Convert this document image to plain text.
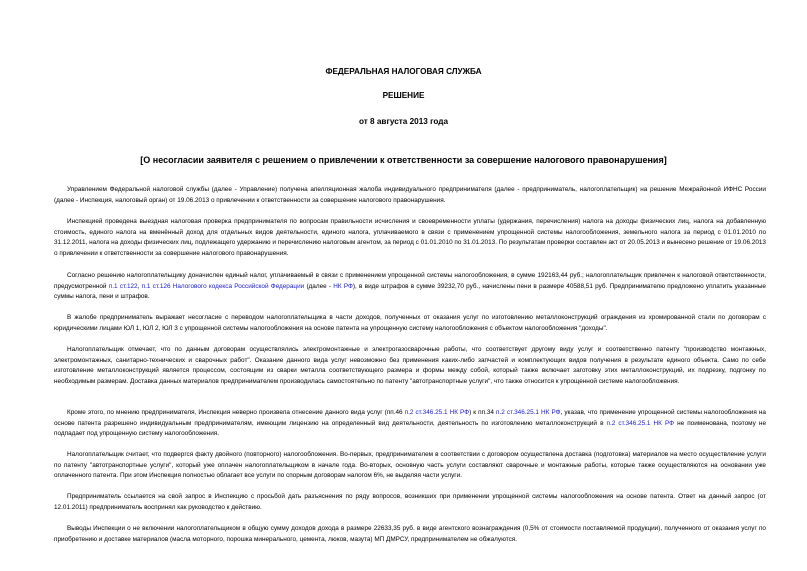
ФЕДЕРАЛЬНАЯ НАЛОГОВАЯ СЛУЖБА
РЕШЕНИЕ
от 8 августа 2013 года
[О несогласии заявителя с решением о привлечении к ответственности за совершение налогового правонарушения]

Управлением Федеральной налоговой службы (далее - Управление) получена апелляционная жалоба индивидуального предпринимателя (далее - предприниматель, налогоплательщик) на решение Межрайонной ИФНС России (далее - Инспекция, налоговый орган) от 19.06.2013 о привлечении к ответственности за совершение налогового правонарушения.

Инспекцией проведена выездная налоговая проверка предпринимателя по вопросам правильности исчисления и своевременности уплаты (удержания, перечисления) налога на доходы физических лиц, налога на добавленную стоимость, единого налога на вменённый доход для отдельных видов деятельности, единого налога, уплачиваемого в связи с применением упрощенной системы налогообложения, земельного налога за период с 01.01.2010 по 31.12.2011, налога на доходы физических лиц, подлежащего удержанию и перечислению налоговым агентом, за период с 01.01.2010 по 31.01.2013. По результатам проверки составлен акт от 20.05.2013 и вынесено решение от 19.06.2013 о привлечении к ответственности за совершение налогового правонарушения.

Согласно решению налогоплательщику доначислен единый налог, уплачиваемый в связи с применением упрощенной системы налогообложения, в сумме 192163,44 руб.; налогоплательщик привлечен к налоговой ответственности, предусмотренной п.1 ст.122, п.1 ст.126 Налогового кодекса Российской Федерации (далее - НК РФ), в виде штрафов в сумме 39232,70 руб., начислены пени в размере 40588,51 руб. Предпринимателю предложено уплатить указанные суммы налога, пени и штрафов.

В жалобе предприниматель выражает несогласие с переводом налогоплательщика в части доходов, полученных от оказания услуг по изготовлению металлоконструкций ограждения из хромированной стали по договорам с юридическими лицами ЮЛ 1, ЮЛ 2, ЮЛ 3 с упрощенной системы налогообложения на основе патента на упрощенную систему налогообложения с объектом налогообложения "доходы".

Налогоплательщик отмечает, что по данным договорам осуществлялись электромонтажные и электрогазосварочные работы, что соответствует другому виду услуг и соответственно патенту "производство монтажных, электромонтажных, санитарно-технических и сварочных работ". Оказание данного вида услуг невозможно без применения каких-либо запчастей и комплектующих видов получения в результате единого объекта. Само по себе изготовление металлоконструкций является процессом, состоящим из сварки металла соответствующего размера и формы между собой, который также включает заготовку этих металлоконструкций, их подрезку, подгонку по необходимым размерам. Доставка данных материалов предпринимателем производилась самостоятельно по патенту "автотранспортные услуги", что также относится к упрощенной системе налогообложения.

Кроме этого, по мнению предпринимателя, Инспекция неверно произвела отнесение данного вида услуг (пп.46 п.2 ст.346.25.1 НК РФ) к пп.34 п.2 ст.346.25.1 НК РФ, указав, что применение упрощенной системы налогообложения на основе патента разрешено индивидуальным предпринимателям, имеющим лицензию на определенный вид деятельности, деятельность по изготовлению металлоконструкций в п.2 ст.346.25.1 НК РФ не поименована, поэтому не подпадает под упрощенную систему налогообложения.

Налогоплательщик считает, что подвергся факту двойного (повторного) налогообложения. Во-первых, предпринимателем в соответствии с договором осуществлена доставка (подготовка) материалов на место осуществление услуги по патенту "автотранспортные услуги", который уже оплачен налогоплательщиком в начале года. Во-вторых, основную часть услуги составляют сварочные и монтажные работы, которые также осуществляются на основании уже оплаченного патента. При этом Инспекция полностью облагает все услуги по спорным договорам налогом 6%, не выделяя части услуги.

Предприниматель ссылается на свой запрос в Инспекцию с просьбой дать разъяснения по ряду вопросов, возникших при применении упрощенной системы налогообложения на основе патента. Ответ на данный запрос (от 12.01.2011) предприниматель воспринял как руководство к действию.

Выводы Инспекции о не включении налогоплательщиком в общую сумму доходов дохода в размере 22633,35 руб. в виде агентского вознаграждения (0,5% от стоимости поставляемой продукции), полученного от оказания услуг по приобретению и доставке материалов (масла моторного, порошка минерального, цемента, люков, мазута) МП ДМРСУ, предпринимателем не обжалуются.
